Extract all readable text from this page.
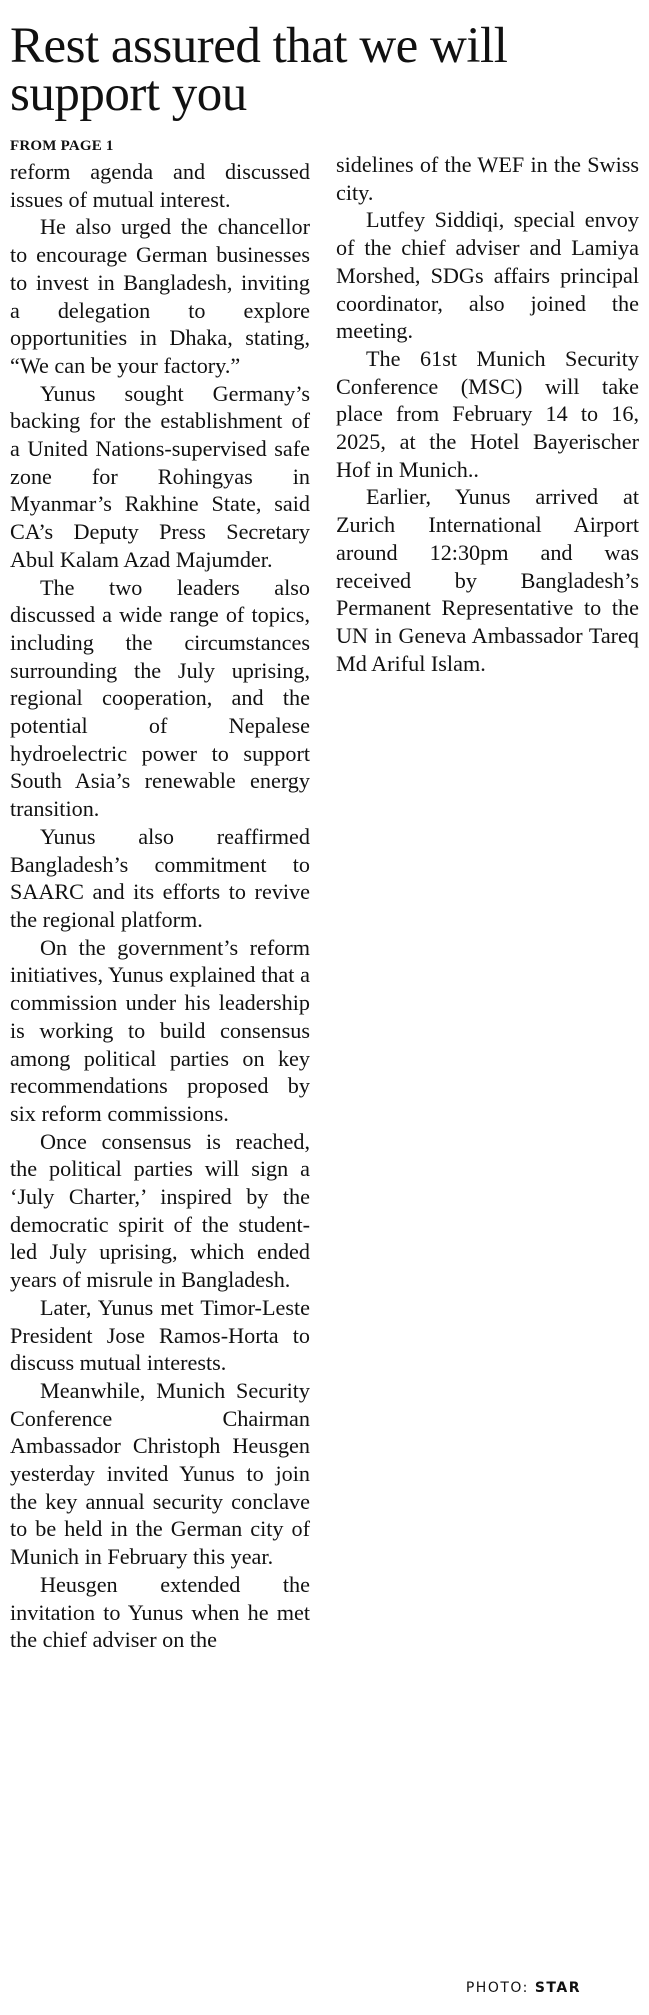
Rest assured that we will support you
FROM PAGE 1

reform agenda and discussed issues of mutual interest.

He also urged the chancellor to encourage German businesses to invest in Bangladesh, inviting a delegation to explore opportunities in Dhaka, stating, “We can be your factory.”

Yunus sought Germany’s backing for the establishment of a United Nations-supervised safe zone for Rohingyas in Myanmar’s Rakhine State, said CA’s Deputy Press Secretary Abul Kalam Azad Majumder.

The two leaders also discussed a wide range of topics, including the circumstances surrounding the July uprising, regional cooperation, and the potential of Nepalese hydroelectric power to support South Asia’s renewable energy transition.

Yunus also reaffirmed Bangladesh’s commitment to SAARC and its efforts to revive the regional platform.

On the government’s reform initiatives, Yunus explained that a commission under his leadership is working to build consensus among political parties on key recommendations proposed by six reform commissions.

Once consensus is reached, the political parties will sign a ‘July Charter,’ inspired by the democratic spirit of the student-led July uprising, which ended years of misrule in Bangladesh.

Later, Yunus met Timor-Leste President Jose Ramos-Horta to discuss mutual interests.

Meanwhile, Munich Security Conference Chairman Ambassador Christoph Heusgen yesterday invited Yunus to join the key annual security conclave to be held in the German city of Munich in February this year.

Heusgen extended the invitation to Yunus when he met the chief adviser on the

sidelines of the WEF in the Swiss city.

Lutfey Siddiqi, special envoy of the chief adviser and Lamiya Morshed, SDGs affairs principal coordinator, also joined the meeting.

The 61st Munich Security Conference (MSC) will take place from February 14 to 16, 2025, at the Hotel Bayerischer Hof in Munich..

Earlier, Yunus arrived at Zurich International Airport around 12:30pm and was received by Bangladesh’s Permanent Representative to the UN in Geneva Ambassador Tareq Md Ariful Islam.

PHOTO: STAR
